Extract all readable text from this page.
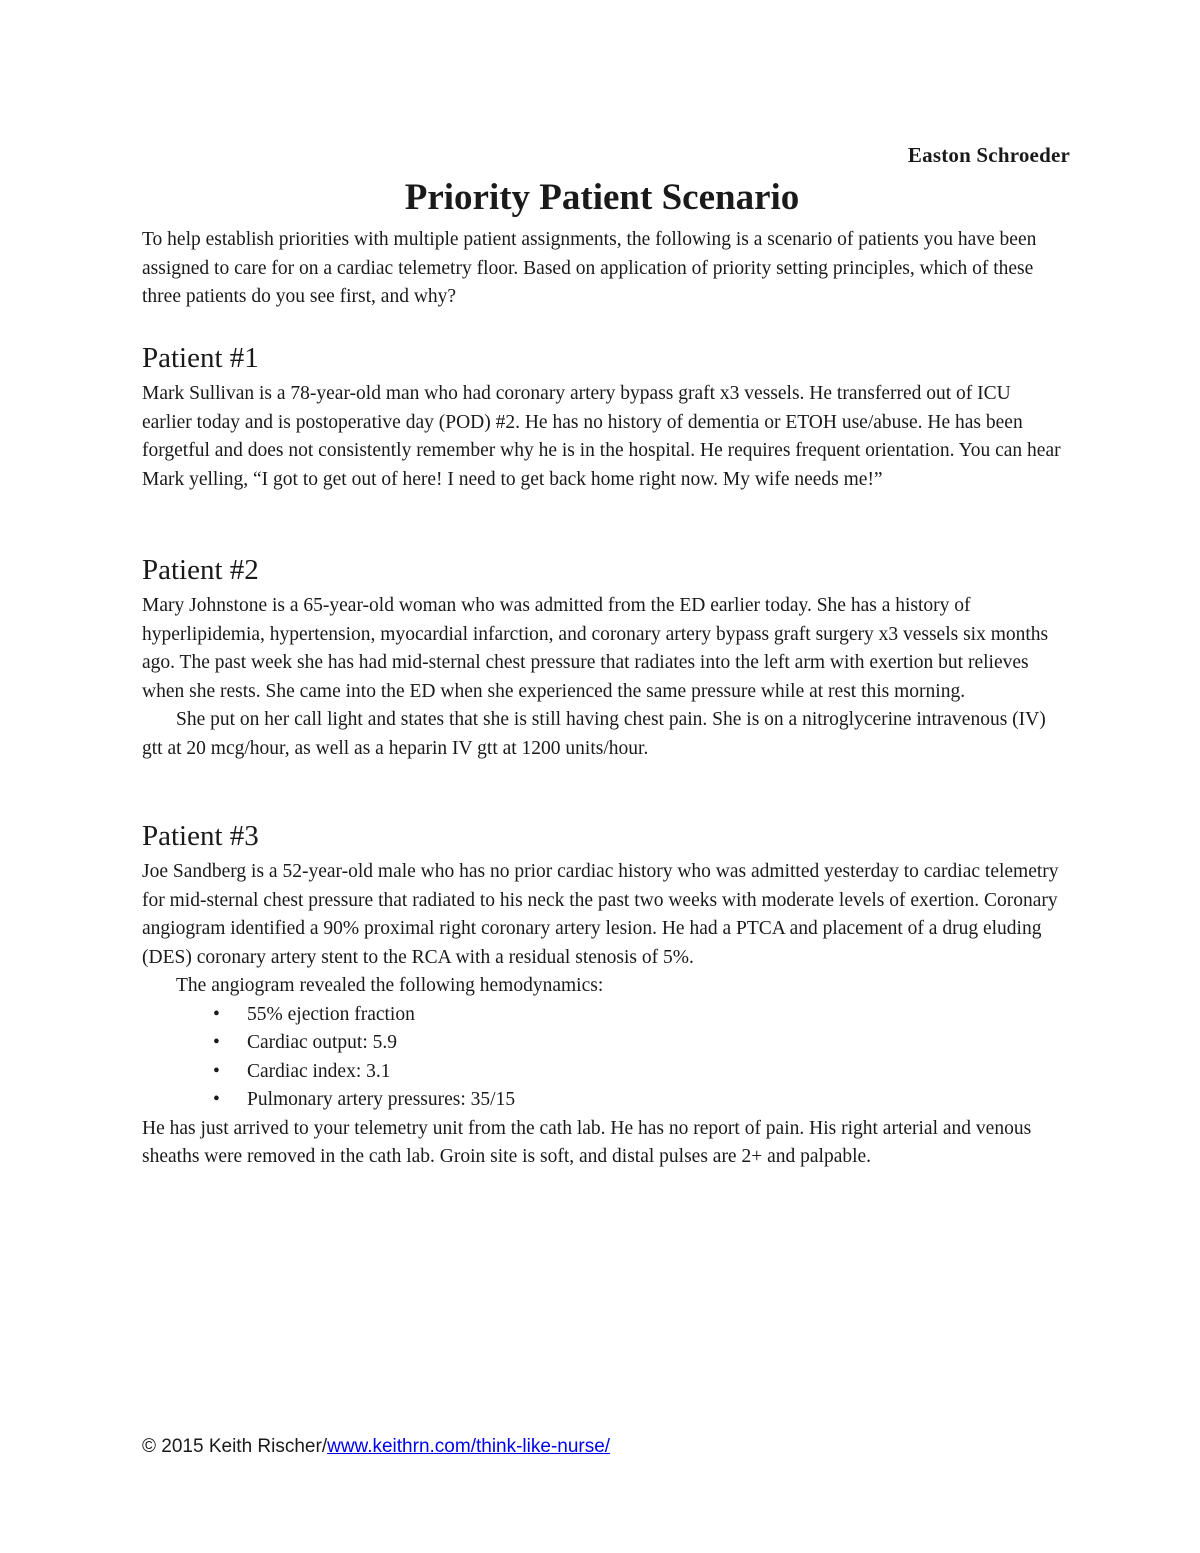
Easton Schroeder
Priority Patient Scenario

To help establish priorities with multiple patient assignments, the following is a scenario of patients you have been assigned to care for on a cardiac telemetry floor. Based on application of priority setting principles, which of these three patients do you see first, and why?

Patient #1

Mark Sullivan is a 78-year-old man who had coronary artery bypass graft x3 vessels. He transferred out of ICU earlier today and is postoperative day (POD) #2. He has no history of dementia or ETOH use/abuse. He has been forgetful and does not consistently remember why he is in the hospital. He requires frequent orientation. You can hear Mark yelling, “I got to get out of here! I need to get back home right now. My wife needs me!”

Patient #2

Mary Johnstone is a 65-year-old woman who was admitted from the ED earlier today. She has a history of hyperlipidemia, hypertension, myocardial infarction, and coronary artery bypass graft surgery x3 vessels six months ago. The past week she has had mid-sternal chest pressure that radiates into the left arm with exertion but relieves when she rests. She came into the ED when she experienced the same pressure while at rest this morning.

She put on her call light and states that she is still having chest pain. She is on a nitroglycerine intravenous (IV) gtt at 20 mcg/hour, as well as a heparin IV gtt at 1200 units/hour.

Patient #3

Joe Sandberg is a 52-year-old male who has no prior cardiac history who was admitted yesterday to cardiac telemetry for mid-sternal chest pressure that radiated to his neck the past two weeks with moderate levels of exertion. Coronary angiogram identified a 90% proximal right coronary artery lesion. He had a PTCA and placement of a drug eluding (DES) coronary artery stent to the RCA with a residual stenosis of 5%.

The angiogram revealed the following hemodynamics:

• 55% ejection fraction
• Cardiac output: 5.9
• Cardiac index: 3.1
• Pulmonary artery pressures: 35/15

He has just arrived to your telemetry unit from the cath lab. He has no report of pain. His right arterial and venous sheaths were removed in the cath lab. Groin site is soft, and distal pulses are 2+ and palpable.

© 2015 Keith Rischer/www.keithrn.com/think-like-nurse/
